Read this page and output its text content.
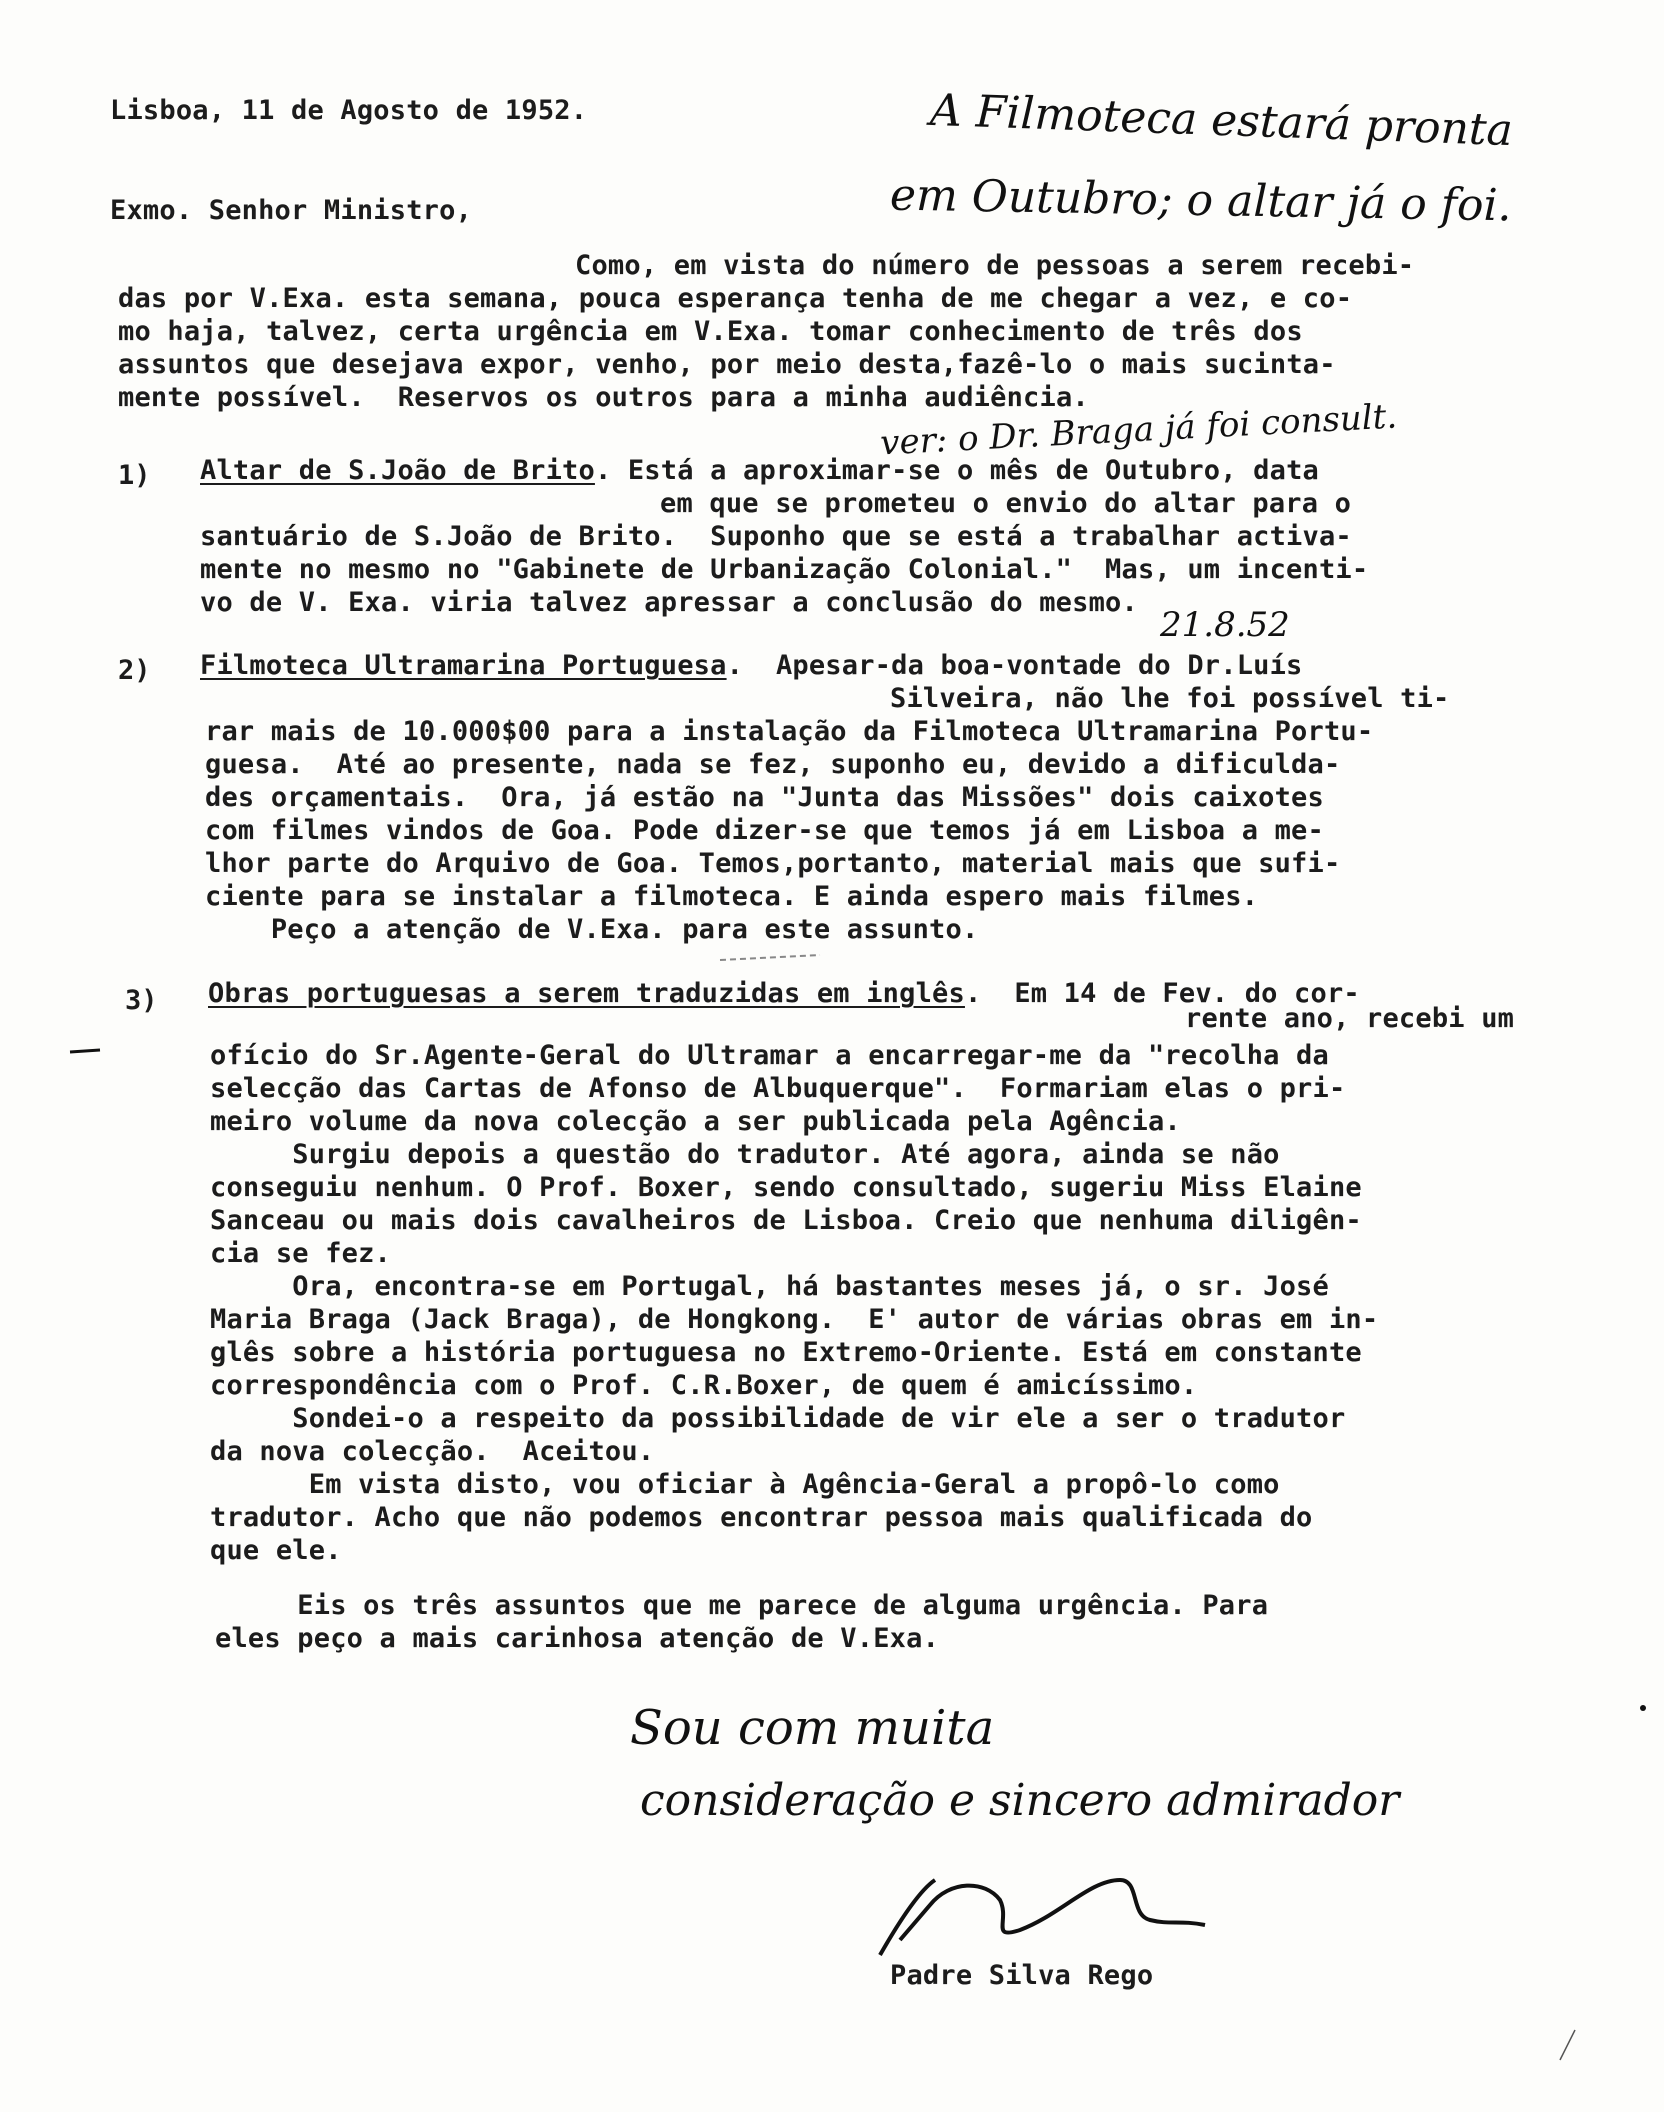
Lisboa, 11 de Agosto de 1952.	A Filmoteca estará pronta
em Outubro; o altar já o foi.
Exmo. Senhor Ministro,
Como, em vista do número de pessoas a serem recebi-
das por V.Exa. esta semana, pouca esperança tenha de me chegar a vez, e co-
mo haja, talvez, certa urgência em V.Exa. tomar conhecimento de três dos
assuntos que desejava expor, venho, por meio desta,fazê-lo o mais sucinta-
mente possível.  Reservos os outros para a minha audiência.
ver: o Dr. Braga já foi consult.
1) Altar de S.João de Brito. Está a aproximar-se o mês de Outubro, data
em que se prometeu o envio do altar para o
santuário de S.João de Brito.  Suponho que se está a trabalhar activa-
mente no mesmo no "Gabinete de Urbanização Colonial."  Mas, um incenti-
vo de V. Exa. viria talvez apressar a conclusão do mesmo.
21.8.52
2) Filmoteca Ultramarina Portuguesa.  Apesar-da boa-vontade do Dr.Luís
Silveira, não lhe foi possível ti-
rar mais de 10.000$00 para a instalação da Filmoteca Ultramarina Portu-
guesa.  Até ao presente, nada se fez, suponho eu, devido a dificulda-
des orçamentais.  Ora, já estão na "Junta das Missões" dois caixotes
com filmes vindos de Goa. Pode dizer-se que temos já em Lisboa a me-
lhor parte do Arquivo de Goa. Temos,portanto, material mais que sufi-
ciente para se instalar a filmoteca. E ainda espero mais filmes.
Peço a atenção de V.Exa. para este assunto.
3) Obras portuguesas a serem traduzidas em inglês.  Em 14 de Fev. do cor-
rente ano, recebi um
ofício do Sr.Agente-Geral do Ultramar a encarregar-me da "recolha da
selecção das Cartas de Afonso de Albuquerque".  Formariam elas o pri-
meiro volume da nova colecção a ser publicada pela Agência.
Surgiu depois a questão do tradutor. Até agora, ainda se não
conseguiu nenhum. O Prof. Boxer, sendo consultado, sugeriu Miss Elaine
Sanceau ou mais dois cavalheiros de Lisboa. Creio que nenhuma diligên-
cia se fez.
Ora, encontra-se em Portugal, há bastantes meses já, o sr. José
Maria Braga (Jack Braga), de Hongkong.  E' autor de várias obras em in-
glês sobre a história portuguesa no Extremo-Oriente. Está em constante
correspondência com o Prof. C.R.Boxer, de quem é amicíssimo.
Sondei-o a respeito da possibilidade de vir ele a ser o tradutor
da nova colecção.  Aceitou.
Em vista disto, vou oficiar à Agência-Geral a propô-lo como
tradutor. Acho que não podemos encontrar pessoa mais qualificada do
que ele.
Eis os três assuntos que me parece de alguma urgência. Para
eles peço a mais carinhosa atenção de V.Exa.
Sou com muita
consideração e sincero admirador
Padre Silva Rego
